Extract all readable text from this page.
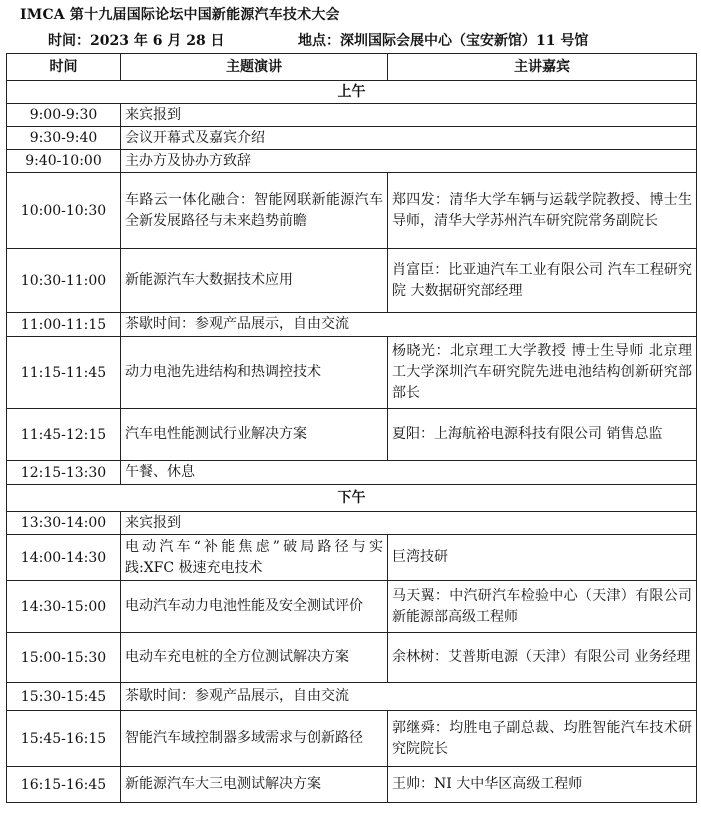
IMCA 第十九届国际论坛中国新能源汽车技术大会
时间：2023 年 6 月 28 日	地点：深圳国际会展中心（宝安新馆）11 号馆
时间	主题演讲	主讲嘉宾
上午		
9:00-9:30	来宾报到	
9:30-9:40	会议开幕式及嘉宾介绍	
9:40-10:00	主办方及协办方致辞	
10:00-10:30	车路云一体化融合：智能网联新能源汽车全新发展路径与未来趋势前瞻	郑四发：清华大学车辆与运载学院教授、博士生导师，清华大学苏州汽车研究院常务副院长
10:30-11:00	新能源汽车大数据技术应用	肖富臣：比亚迪汽车工业有限公司 汽车工程研究院 大数据研究部经理
11:00-11:15	茶歇时间：参观产品展示，自由交流	
11:15-11:45	动力电池先进结构和热调控技术	杨晓光：北京理工大学教授 博士生导师 北京理工大学深圳汽车研究院先进电池结构创新研究部部长
11:45-12:15	汽车电性能测试行业解决方案	夏阳：上海航裕电源科技有限公司 销售总监
12:15-13:30	午餐、休息	
下午		
13:30-14:00	来宾报到	
14:00-14:30	电动汽车“补能焦虑”破局路径与实践:XFC 极速充电技术	巨湾技研
14:30-15:00	电动汽车动力电池性能及安全测试评价	马天翼：中汽研汽车检验中心（天津）有限公司 新能源部高级工程师
15:00-15:30	电动车充电桩的全方位测试解决方案	余林树：艾普斯电源（天津）有限公司 业务经理
15:30-15:45	茶歇时间：参观产品展示，自由交流	
15:45-16:15	智能汽车域控制器多域需求与创新路径	郭继舜：均胜电子副总裁、均胜智能汽车技术研究院院长
16:15-16:45	新能源汽车大三电测试解决方案	王帅：NI 大中华区高级工程师
